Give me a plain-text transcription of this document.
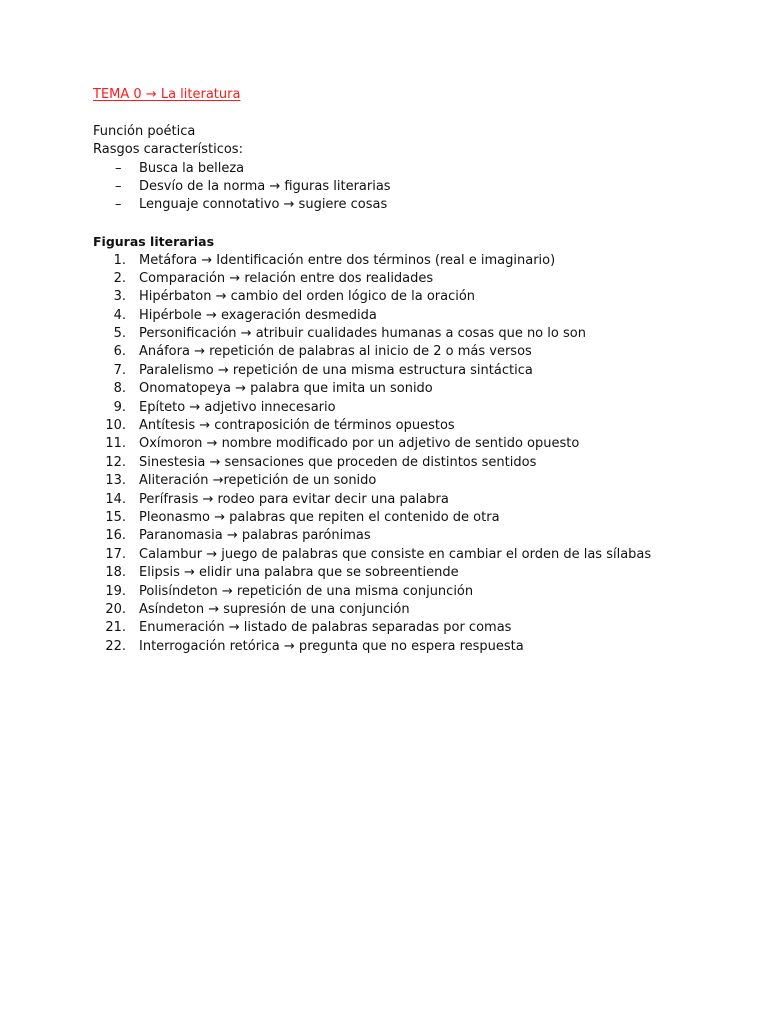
TEMA 0 → La literatura
Función poética
Rasgos característicos:
– Busca la belleza
– Desvío de la norma → figuras literarias
– Lenguaje connotativo → sugiere cosas
Figuras literarias
1. Metáfora → Identificación entre dos términos (real e imaginario)
2. Comparación → relación entre dos realidades
3. Hipérbaton → cambio del orden lógico de la oración
4. Hipérbole → exageración desmedida
5. Personificación → atribuir cualidades humanas a cosas que no lo son
6. Anáfora → repetición de palabras al inicio de 2 o más versos
7. Paralelismo → repetición de una misma estructura sintáctica
8. Onomatopeya → palabra que imita un sonido
9. Epíteto → adjetivo innecesario
10. Antítesis → contraposición de términos opuestos
11. Oxímoron → nombre modificado por un adjetivo de sentido opuesto
12. Sinestesia → sensaciones que proceden de distintos sentidos
13. Aliteración →repetición de un sonido
14. Perífrasis → rodeo para evitar decir una palabra
15. Pleonasmo → palabras que repiten el contenido de otra
16. Paranomasia → palabras parónimas
17. Calambur → juego de palabras que consiste en cambiar el orden de las sílabas
18. Elipsis → elidir una palabra que se sobreentiende
19. Polisíndeton → repetición de una misma conjunción
20. Asíndeton → supresión de una conjunción
21. Enumeración → listado de palabras separadas por comas
22. Interrogación retórica → pregunta que no espera respuesta
